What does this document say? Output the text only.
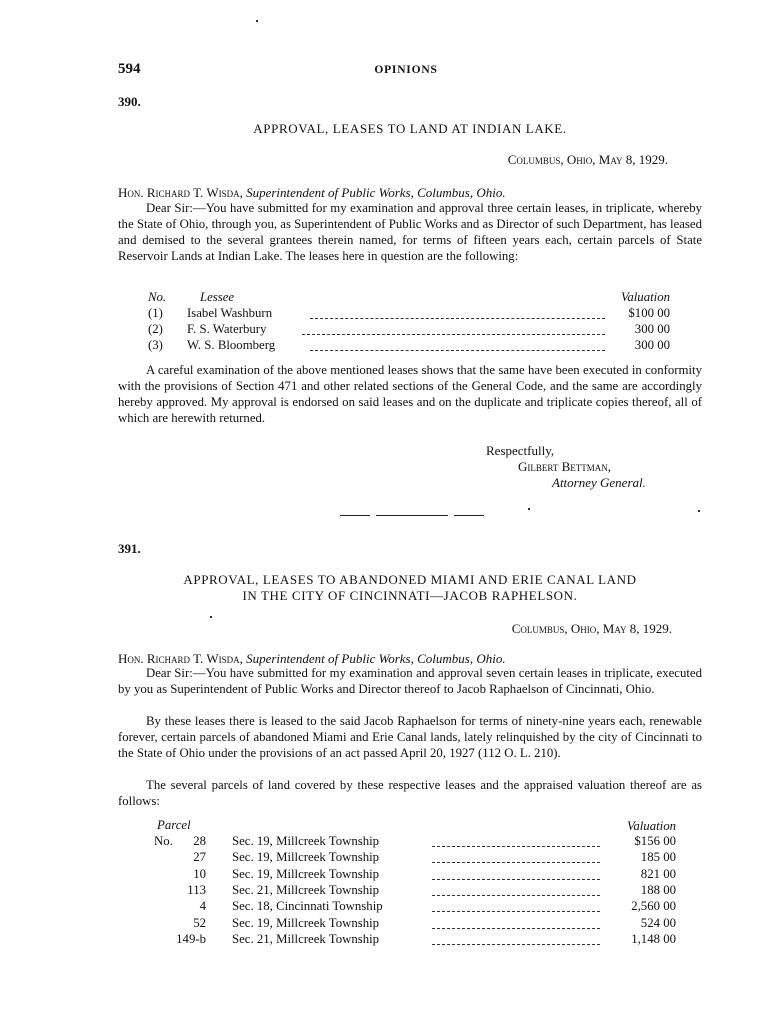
594	OPINIONS
390.
APPROVAL, LEASES TO LAND AT INDIAN LAKE.
Columbus, Ohio, May 8, 1929.
Hon. Richard T. Wisda, Superintendent of Public Works, Columbus, Ohio.
Dear Sir:—You have submitted for my examination and approval three certain leases, in triplicate, whereby the State of Ohio, through you, as Superintendent of Public Works and as Director of such Department, has leased and demised to the several grantees therein named, for terms of fifteen years each, certain parcels of State Reservoir Lands at Indian Lake. The leases here in question are the following:
No.	Lessee	Valuation
(1) Isabel Washburn	$100 00
(2) F. S. Waterbury	300 00
(3) W. S. Bloomberg	300 00
A careful examination of the above mentioned leases shows that the same have been executed in conformity with the provisions of Section 471 and other related sections of the General Code, and the same are accordingly hereby approved. My approval is endorsed on said leases and on the duplicate and triplicate copies thereof, all of which are herewith returned.
Respectfully,
Gilbert Bettman,
Attorney General.
391.
APPROVAL, LEASES TO ABANDONED MIAMI AND ERIE CANAL LAND
IN THE CITY OF CINCINNATI—JACOB RAPHELSON.
Columbus, Ohio, May 8, 1929.
Hon. Richard T. Wisda, Superintendent of Public Works, Columbus, Ohio.
Dear Sir:—You have submitted for my examination and approval seven certain leases in triplicate, executed by you as Superintendent of Public Works and Director thereof to Jacob Raphaelson of Cincinnati, Ohio.
By these leases there is leased to the said Jacob Raphaelson for terms of ninety-nine years each, renewable forever, certain parcels of abandoned Miami and Erie Canal lands, lately relinquished by the city of Cincinnati to the State of Ohio under the provisions of an act passed April 20, 1927 (112 O. L. 210).
The several parcels of land covered by these respective leases and the appraised valuation thereof are as follows:
Parcel	Valuation
No. 28 Sec. 19, Millcreek Township	$156 00
27 Sec. 19, Millcreek Township	185 00
10 Sec. 19, Millcreek Township	821 00
113 Sec. 21, Millcreek Township	188 00
4 Sec. 18, Cincinnati Township	2,560 00
52 Sec. 19, Millcreek Township	524 00
149-b Sec. 21, Millcreek Township	1,148 00
